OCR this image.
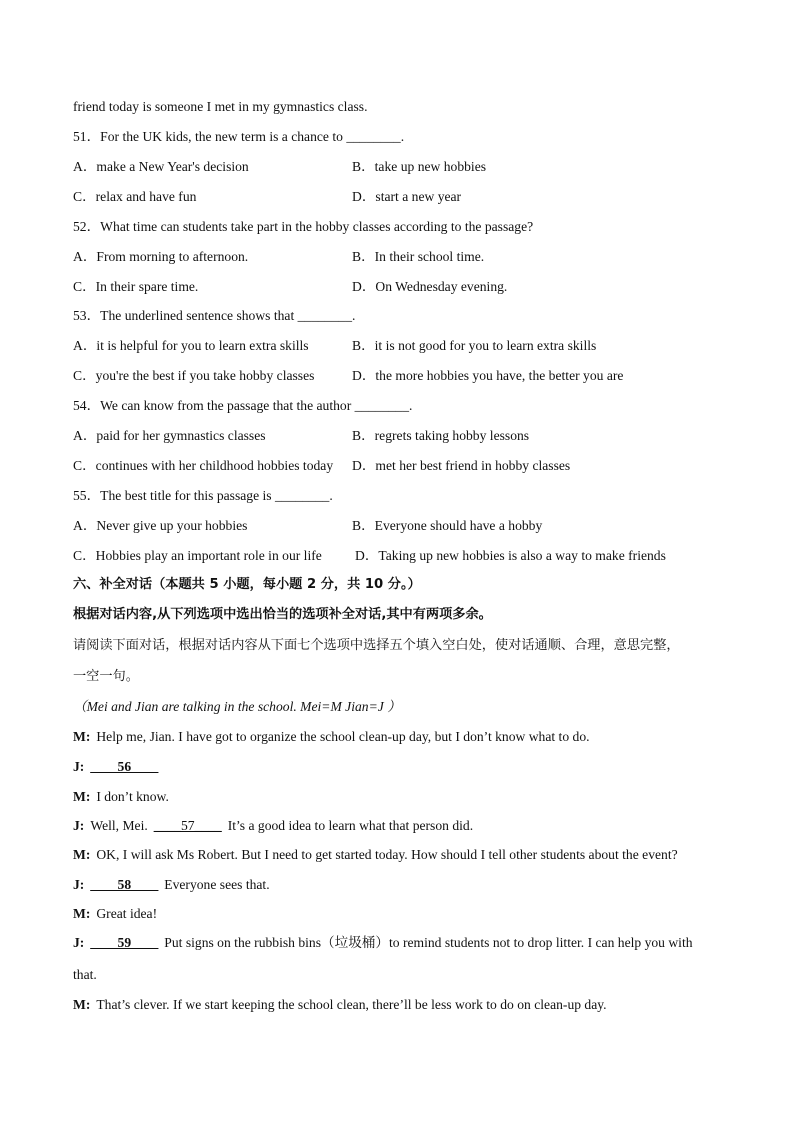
friend today is someone I met in my gymnastics class.
51．For the UK kids, the new term is a chance to ________.
A．make a New Year's decision	B．take up new hobbies
C．relax and have fun	D．start a new year
52．What time can students take part in the hobby classes according to the passage?
A．From morning to afternoon.	B．In their school time.
C．In their spare time.	D．On Wednesday evening.
53．The underlined sentence shows that ________.
A．it is helpful for you to learn extra skills	B．it is not good for you to learn extra skills
C．you're the best if you take hobby classes	D．the more hobbies you have, the better you are
54．We can know from the passage that the author ________.
A．paid for her gymnastics classes	B．regrets taking hobby lessons
C．continues with her childhood hobbies today D．met her best friend in hobby classes
55．The best title for this passage is ________.
A．Never give up your hobbies	B．Everyone should have a hobby
C．Hobbies play an important role in our life D．Taking up new hobbies is also a way to make friends
六、补全对话（本题共 5 小题，每小题 2 分，共 10 分。）
根据对话内容,从下列选项中选出恰当的选项补全对话,其中有两项多余。
请阅读下面对话，根据对话内容从下面七个选项中选择五个填入空白处，使对话通顺、合理，意思完整，
一空一句。
（Mei and Jian are talking in the school. Mei=M Jian=J ）
M: Help me, Jian. I have got to organize the school clean-up day, but I don’t know what to do.
J: ____56____
M: I don’t know.
J: Well, Mei. ____57____ It’s a good idea to learn what that person did.
M: OK, I will ask Ms Robert. But I need to get started today. How should I tell other students about the event?
J: ____58____ Everyone sees that.
M: Great idea!
J: ____59____ Put signs on the rubbish bins（垃圾桶）to remind students not to drop litter. I can help you with
that.
M: That’s clever. If we start keeping the school clean, there’ll be less work to do on clean-up day.
